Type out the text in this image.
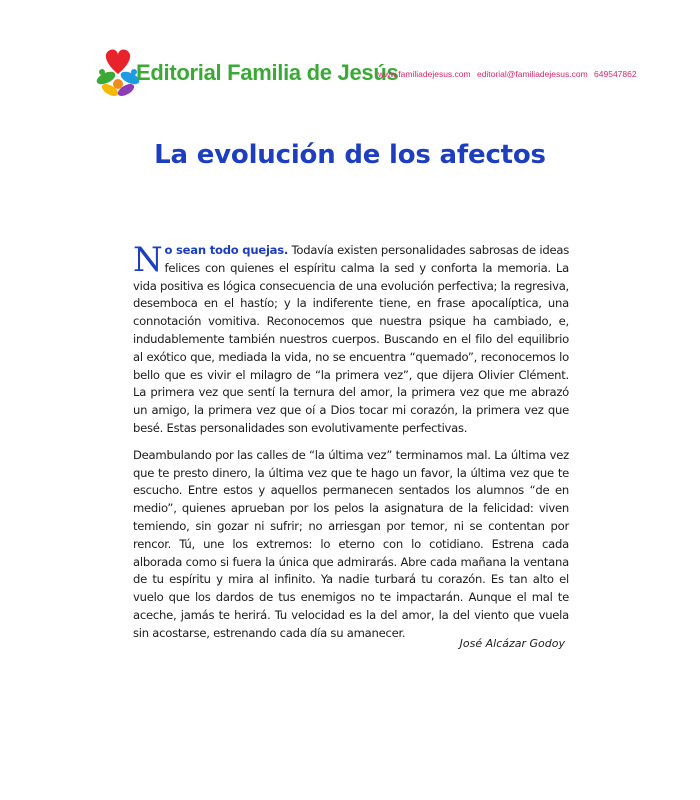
Editorial Familia de Jesús
www.familiadejesus.com editorial@familiadejesus.com 649547862
La evolución de los afectos

No sean todo quejas. Todavía existen personalidades sabrosas de ideas felices con quienes el espíritu calma la sed y conforta la memoria. La vida positiva es lógica consecuencia de una evolución perfectiva; la regresiva, desemboca en el hastío; y la indiferente tiene, en frase apocalíptica, una connotación vomitiva. Reconocemos que nuestra psique ha cambiado, e, indudablemente también nuestros cuerpos. Buscando en el filo del equilibrio al exótico que, mediada la vida, no se encuentra “quemado”, reconocemos lo bello que es vivir el milagro de “la primera vez”, que dijera Olivier Clément. La primera vez que sentí la ternura del amor, la primera vez que me abrazó un amigo, la primera vez que oí a Dios tocar mi corazón, la primera vez que besé. Estas personalidades son evolutivamente perfectivas.

Deambulando por las calles de “la última vez” terminamos mal. La última vez que te presto dinero, la última vez que te hago un favor, la última vez que te escucho. Entre estos y aquellos permanecen sentados los alumnos “de en medio”, quienes aprueban por los pelos la asignatura de la felicidad: viven temiendo, sin gozar ni sufrir; no arriesgan por temor, ni se contentan por rencor. Tú, une los extremos: lo eterno con lo cotidiano. Estrena cada alborada como si fuera la única que admirarás. Abre cada mañana la ventana de tu espíritu y mira al infinito. Ya nadie turbará tu corazón. Es tan alto el vuelo que los dardos de tus enemigos no te impactarán. Aunque el mal te aceche, jamás te herirá. Tu velocidad es la del amor, la del viento que vuela sin acostarse, estrenando cada día su amanecer.

José Alcázar Godoy
